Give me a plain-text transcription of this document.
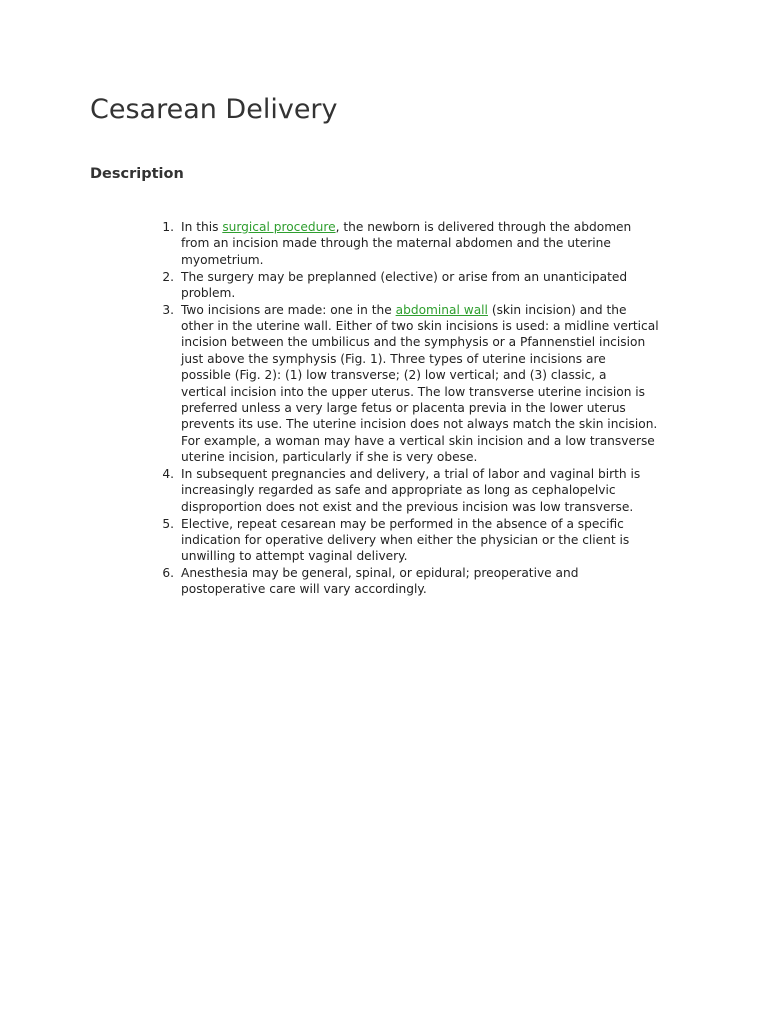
Cesarean Delivery
Description
1. In this surgical procedure, the newborn is delivered through the abdomen
from an incision made through the maternal abdomen and the uterine
myometrium.
2. The surgery may be preplanned (elective) or arise from an unanticipated
problem.
3. Two incisions are made: one in the abdominal wall (skin incision) and the
other in the uterine wall. Either of two skin incisions is used: a midline vertical
incision between the umbilicus and the symphysis or a Pfannenstiel incision
just above the symphysis (Fig. 1). Three types of uterine incisions are
possible (Fig. 2): (1) low transverse; (2) low vertical; and (3) classic, a
vertical incision into the upper uterus. The low transverse uterine incision is
preferred unless a very large fetus or placenta previa in the lower uterus
prevents its use. The uterine incision does not always match the skin incision.
For example, a woman may have a vertical skin incision and a low transverse
uterine incision, particularly if she is very obese.
4. In subsequent pregnancies and delivery, a trial of labor and vaginal birth is
increasingly regarded as safe and appropriate as long as cephalopelvic
disproportion does not exist and the previous incision was low transverse.
5. Elective, repeat cesarean may be performed in the absence of a specific
indication for operative delivery when either the physician or the client is
unwilling to attempt vaginal delivery.
6. Anesthesia may be general, spinal, or epidural; preoperative and
postoperative care will vary accordingly.
